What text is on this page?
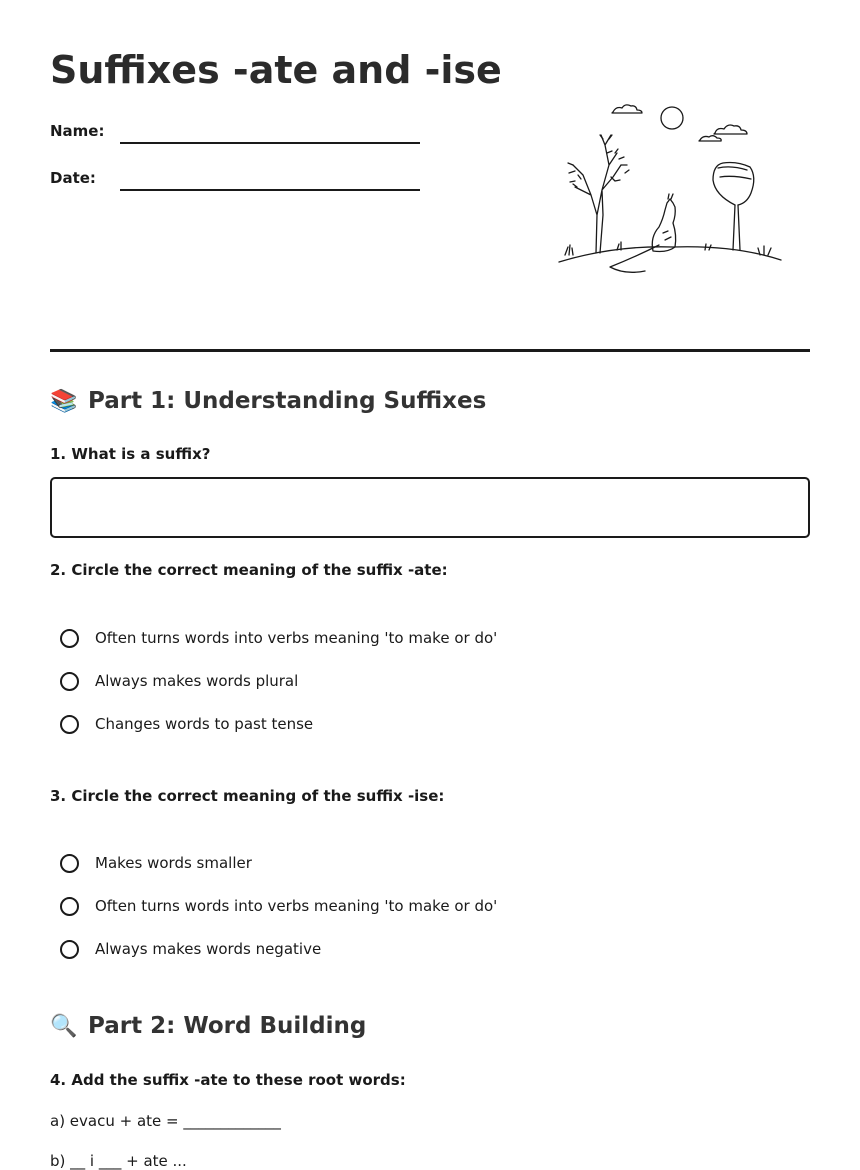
Suffixes -ate and -ise
Name:
Date:
📚 Part 1: Understanding Suffixes

1. What is a suffix?

2. Circle the correct meaning of the suffix -ate:

Often turns words into verbs meaning 'to make or do'
Always makes words plural
Changes words to past tense

3. Circle the correct meaning of the suffix -ise:

Makes words smaller
Often turns words into verbs meaning 'to make or do'
Always makes words negative
🔍 Part 2: Word Building

4. Add the suffix -ate to these root words:

a) evacu + ate = _____________
b) __ i ___ + ate ...
